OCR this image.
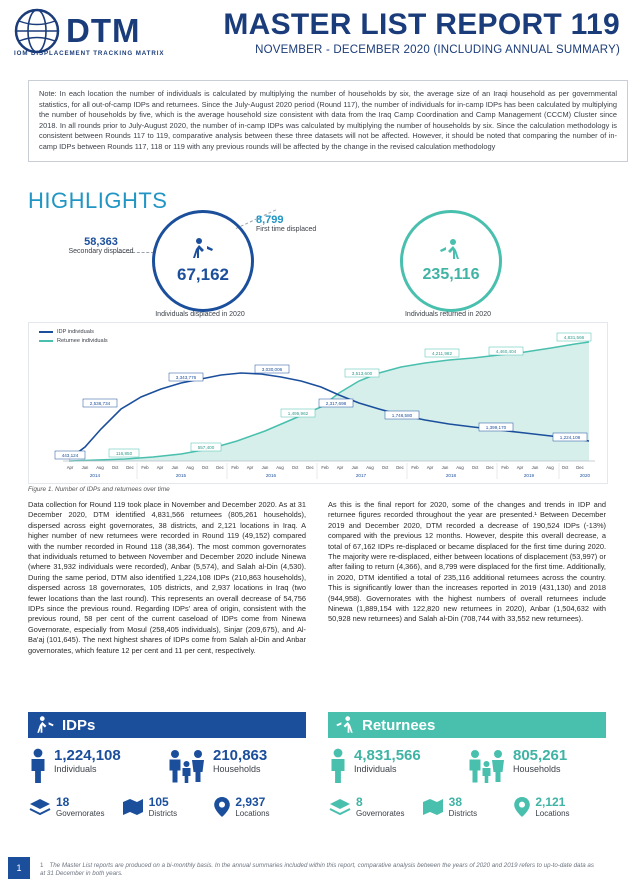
DTM
IOM DISPLACEMENT TRACKING MATRIX
MASTER LIST REPORT 119
NOVEMBER - DECEMBER 2020 (INCLUDING ANNUAL SUMMARY)
Note: In each location the number of individuals is calculated by multiplying the number of households by six, the average size of an Iraqi household as per governmental statistics, for all out-of-camp IDPs and returnees. Since the July-August 2020 period (Round 117), the number of individuals for in-camp IDPs has been calculated by multiplying the number of households by five, which is the average household size consistent with data from the Iraq Camp Coordination and Camp Management (CCCM) Cluster since 2018. In all rounds prior to July-August 2020, the number of in-camp IDPs was calculated by multiplying the number of households by six. Since the calculation methodology is consistent between Rounds 117 to 119, comparative analysis between these three datasets will not be affected. However, it should be noted that comparing the number of in-camp IDPs between Rounds 117, 118 or 119 with any previous rounds will be affected by the change in the revised calculation methodology
HIGHLIGHTS
58,363
Secondary displaced
8,799
First time displaced
67,162
Individuals displaced in 2020
235,116
Individuals returned in 2020
IDP individuals
Returnee individuals
443,124
2,536,734
3,343,776
3,030,006
2,317,698
1,746,580
1,399,170
1,224,108
116,850
557,400
1,495,962
3,513,600
4,211,982	4,460,404
4,831,566
Apr Jun Aug Oct Dec Feb Apr Jun Aug Oct Dec Feb Apr Jun Aug Oct Dec Feb Apr Jun Aug Oct Dec Feb Apr Jun Aug Oct Dec Feb Apr Jun Aug Oct Dec
2014	2015	2016	2017	2018	2019	2020
Figure 1. Number of IDPs and returnees over time
Data collection for Round 119 took place in November and December 2020. As at 31 December 2020, DTM identified 4,831,566 returnees (805,261 households), dispersed across eight governorates, 38 districts, and 2,121 locations in Iraq. A higher number of new returnees were recorded in Round 119 (49,152) compared with the number recorded in Round 118 (38,364). The most common governorates that individuals returned to between November and December 2020 include Ninewa (where 31,932 individuals were recorded), Anbar (5,574), and Salah al-Din (4,530). During the same period, DTM also identified 1,224,108 IDPs (210,863 households), dispersed across 18 governorates, 105 districts, and 2,937 locations in Iraq (two fewer locations than the last round). This represents an overall decrease of 54,756 IDPs since the previous round. Regarding IDPs' area of origin, consistent with the previous round, 58 per cent of the current caseload of IDPs come from Ninewa Governorate, especially from Mosul (258,405 individuals), Sinjar (209,675), and Al-Ba'aj (101,645). The next highest shares of IDPs come from Salah al-Din and Anbar governorates, which feature 12 per cent and 11 per cent, respectively.
As this is the final report for 2020, some of the changes and trends in IDP and returnee figures recorded throughout the year are presented.¹ Between December 2019 and December 2020, DTM recorded a decrease of 190,524 IDPs (-13%) compared with the previous 12 months. However, despite this overall decrease, a total of 67,162 IDPs re-displaced or became displaced for the first time during 2020. The majority were re-displaced, either between locations of displacement (53,997) or after failing to return (4,366), and 8,799 were displaced for the first time. Additionally, in 2020, DTM identified a total of 235,116 additional returnees across the country. This is significantly lower than the increases reported in 2019 (431,130) and 2018 (944,958). Governorates with the highest numbers of overall returnees include Ninewa (1,889,154 with 122,820 new returnees in 2020), Anbar (1,504,632 with 50,928 new returnees) and Salah al-Din (708,744 with 33,552 new returnees).
IDPs
1,224,108
Individuals
210,863
Households
18
Governorates
105
Districts
2,937
Locations
Returnees
4,831,566
Individuals
805,261
Households
8
Governorates
38
Districts
2,121
Locations
1	1 The Master List reports are produced on a bi-monthly basis. In the annual summaries included within this report, comparative analysis between the years of 2020 and 2019 refers to up-to-date data as at 31 December in both years.
